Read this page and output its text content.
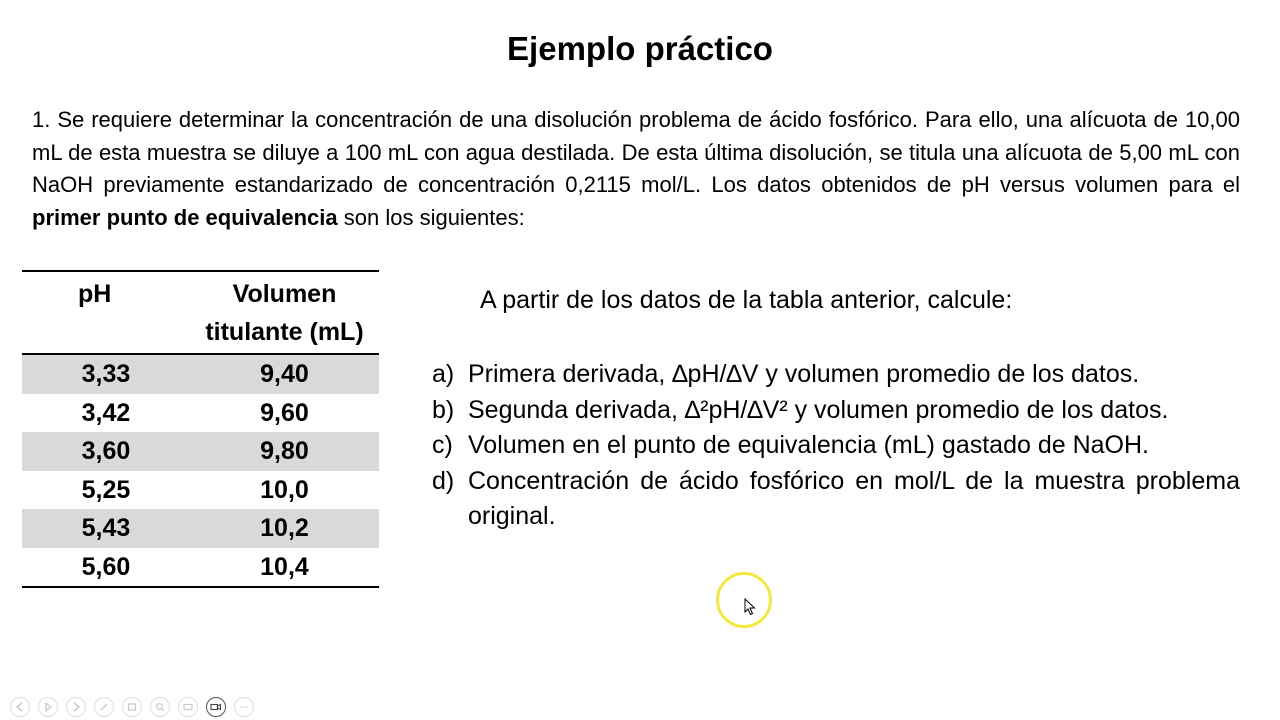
Ejemplo práctico

1. Se requiere determinar la concentración de una disolución problema de ácido fosfórico. Para ello, una alícuota de 10,00 mL de esta muestra se diluye a 100 mL con agua destilada. De esta última disolución, se titula una alícuota de 5,00 mL con NaOH previamente estandarizado de concentración 0,2115 mol/L. Los datos obtenidos de pH versus volumen para el primer punto de equivalencia son los siguientes:

pH	Volumen titulante (mL)
3,33	9,40
3,42	9,60
3,60	9,80
5,25	10,0
5,43	10,2
5,60	10,4
A partir de los datos de la tabla anterior, calcule:
a) Primera derivada, ∆pH/∆V y volumen promedio de los datos.
b) Segunda derivada, ∆²pH/∆V² y volumen promedio de los datos.
c) Volumen en el punto de equivalencia (mL) gastado de NaOH.
d) Concentración de ácido fosfórico en mol/L de la muestra problema original.
